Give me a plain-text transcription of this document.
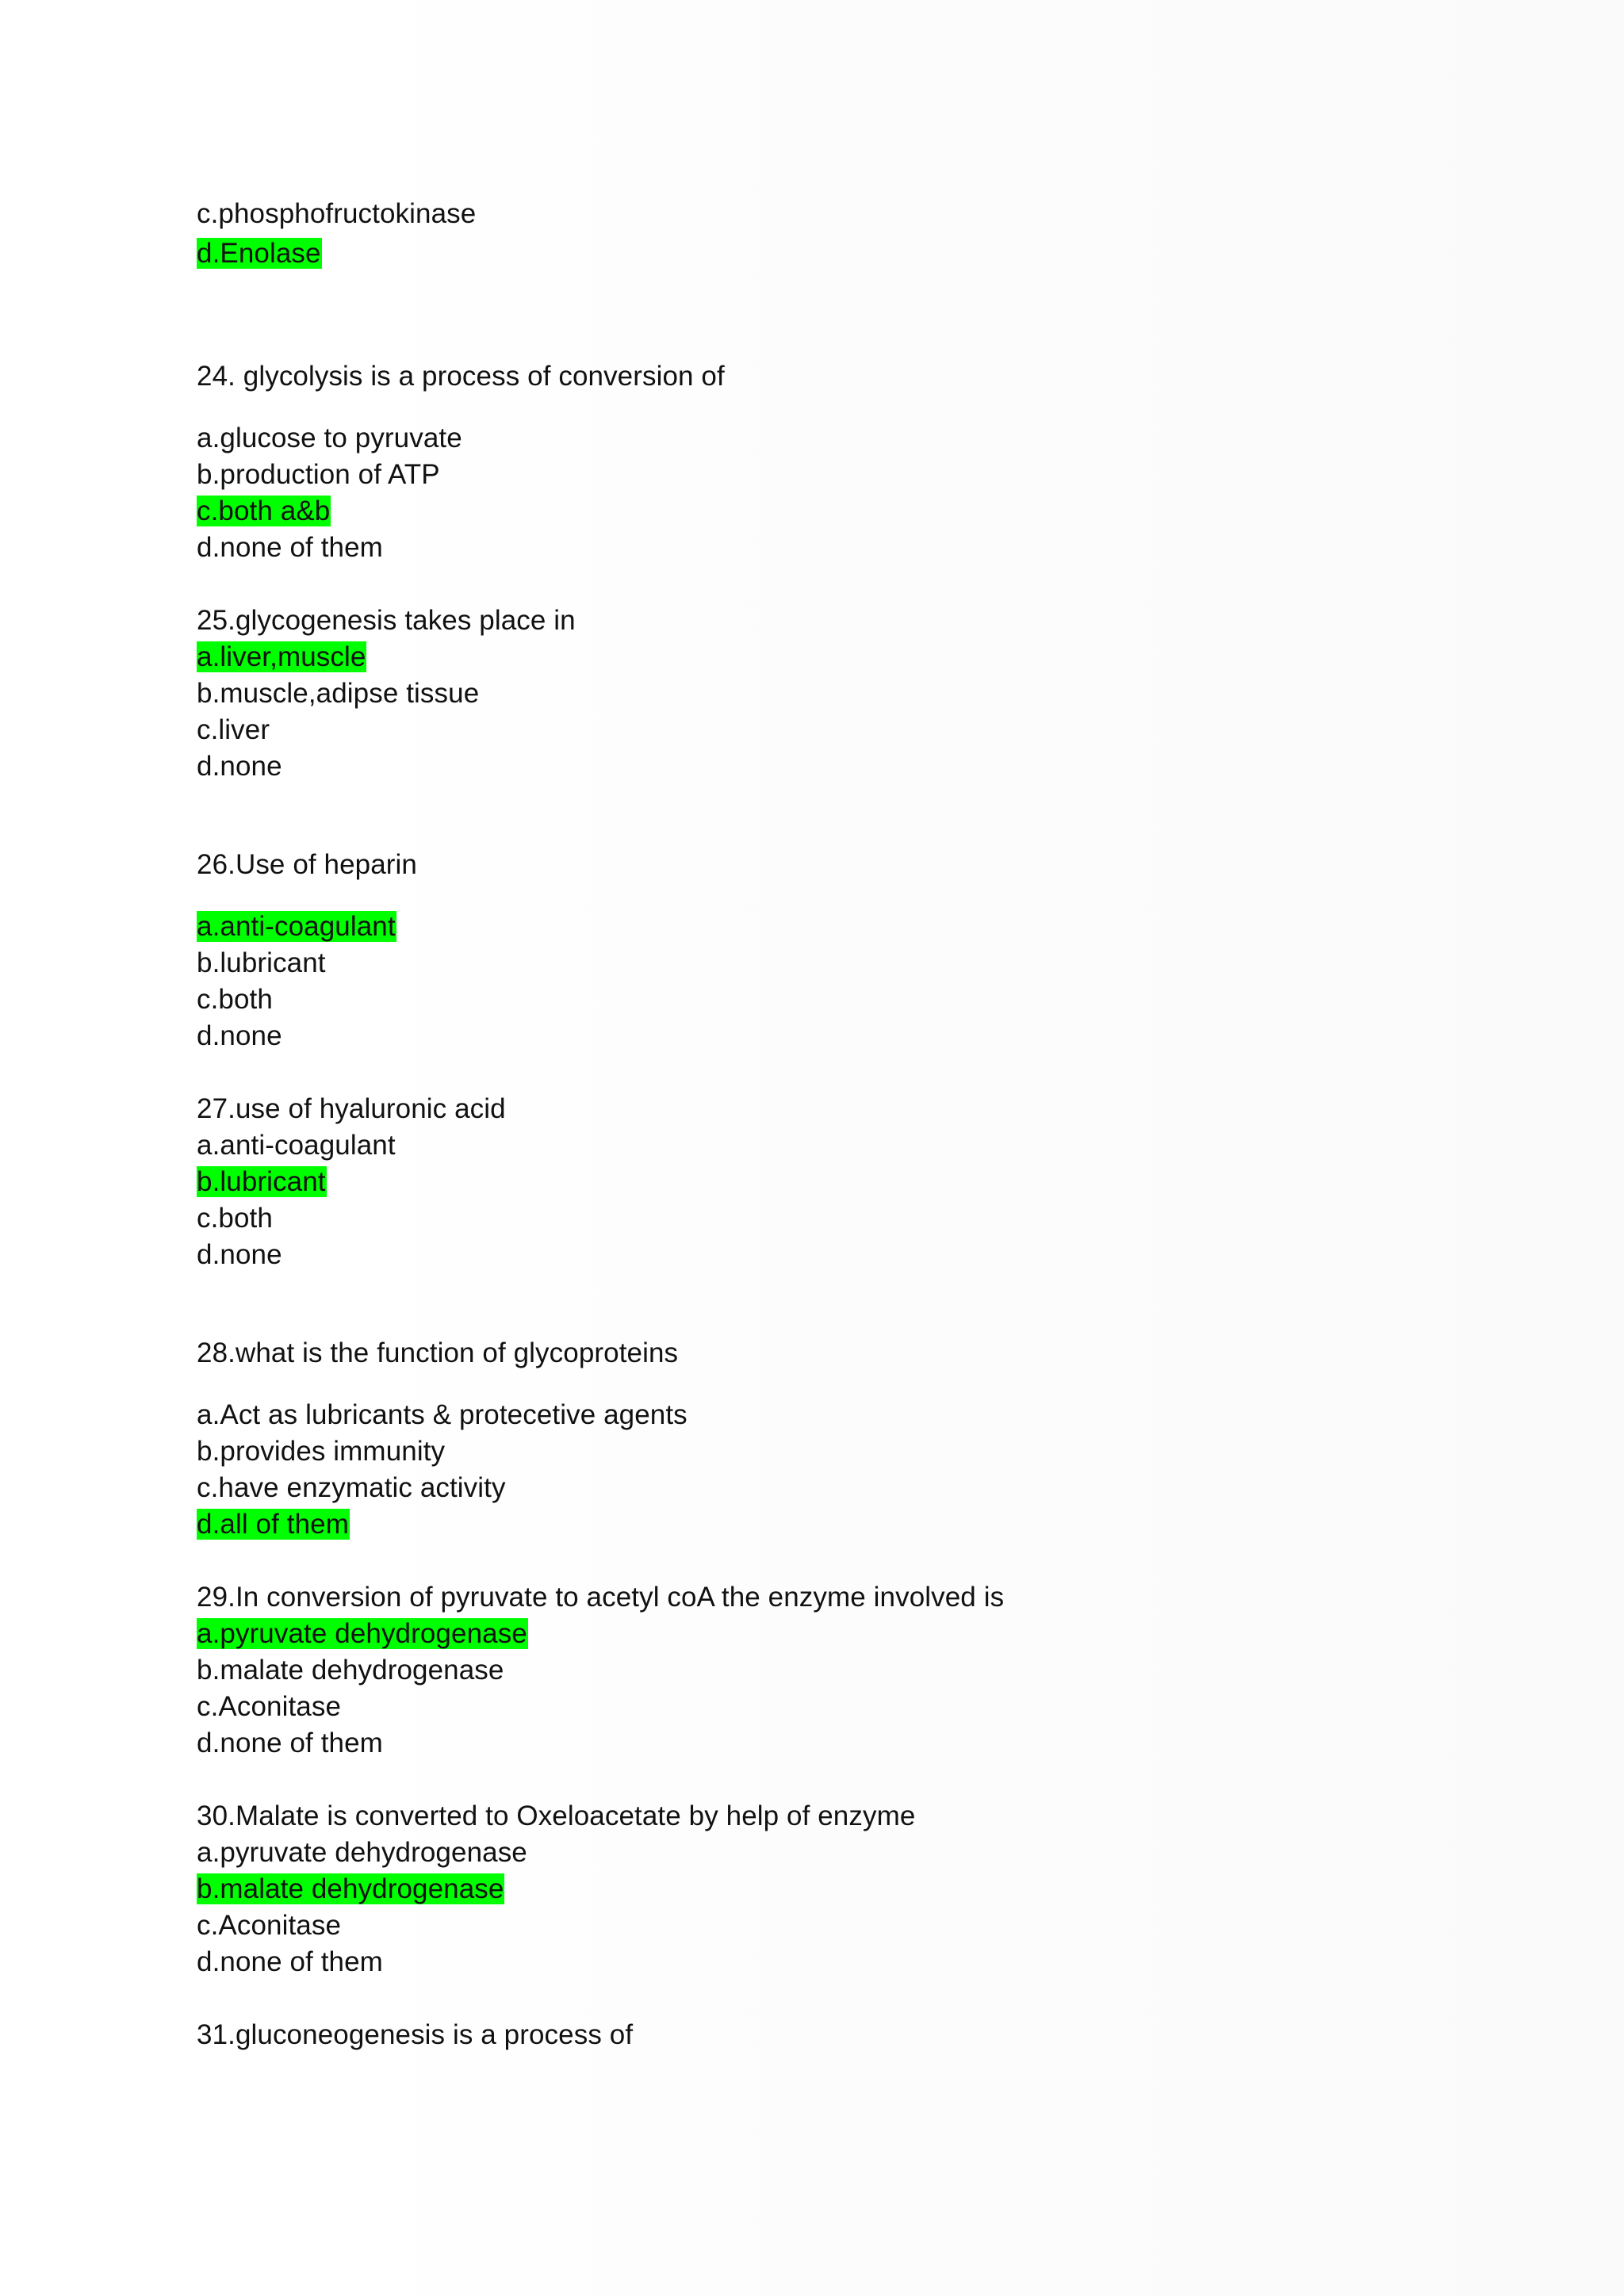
c.phosphofructokinase
d.Enolase
24. glycolysis is a process of conversion of
a.glucose to pyruvate
b.production of ATP
c.both a&b
d.none of them
25.glycogenesis takes place in
a.liver,muscle
b.muscle,adipse tissue
c.liver
d.none
26.Use of heparin
a.anti-coagulant
b.lubricant
c.both
d.none
27.use of hyaluronic acid
a.anti-coagulant
b.lubricant
c.both
d.none
28.what is the function of glycoproteins
a.Act as lubricants & protecetive agents
b.provides immunity
c.have enzymatic activity
d.all of them
29.In conversion of pyruvate to acetyl coA the enzyme involved is
a.pyruvate dehydrogenase
b.malate dehydrogenase
c.Aconitase
d.none of them
30.Malate is converted to Oxeloacetate by help of enzyme
a.pyruvate dehydrogenase
b.malate dehydrogenase
c.Aconitase
d.none of them
31.gluconeogenesis is a process of
